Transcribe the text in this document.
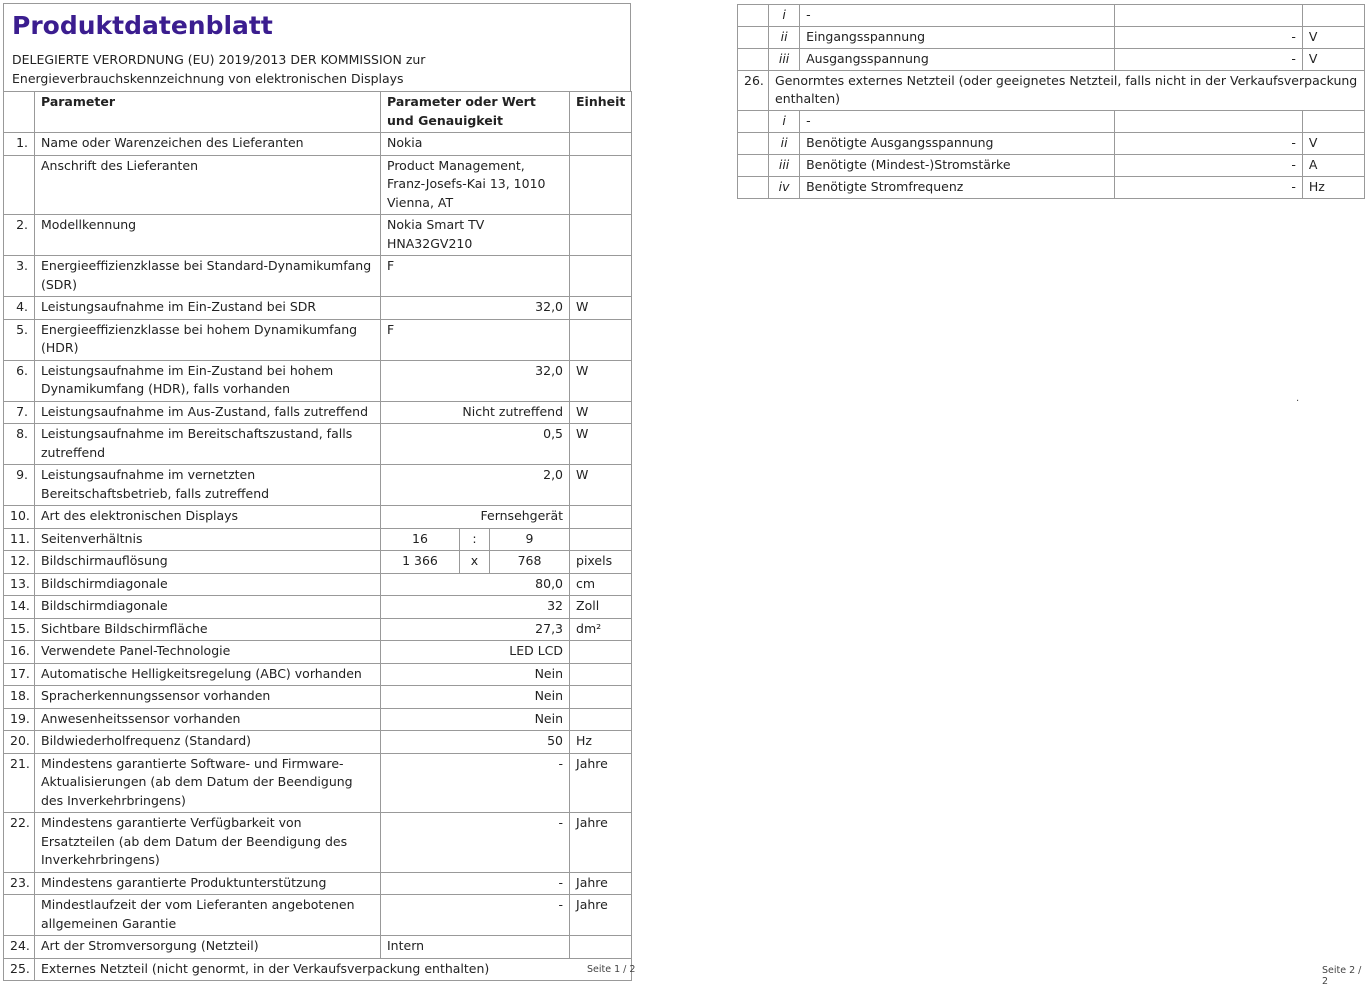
Produktdatenblatt
DELEGIERTE VERORDNUNG (EU) 2019/2013 DER KOMMISSION zur
Energieverbrauchskennzeichnung von elektronischen Displays
	Parameter	Parameter oder Wert und Genauigkeit			Einheit
1.	Name oder Warenzeichen des Lieferanten	Nokia			
	Anschrift des Lieferanten	Product Management, Franz-Josefs-Kai 13, 1010 Vienna, AT			
2.	Modellkennung	Nokia Smart TV HNA32GV210			
3.	Energieeffizienzklasse bei Standard-Dynamikumfang (SDR)	F			
4.	Leistungsaufnahme im Ein-Zustand bei SDR	32,0			W
5.	Energieeffizienzklasse bei hohem Dynamikumfang (HDR)	F			
6.	Leistungsaufnahme im Ein-Zustand bei hohem Dynamikumfang (HDR), falls vorhanden	32,0			W
7.	Leistungsaufnahme im Aus-Zustand, falls zutreffend	Nicht zutreffend			W
8.	Leistungsaufnahme im Bereitschaftszustand, falls zutreffend	0,5			W
9.	Leistungsaufnahme im vernetzten Bereitschaftsbetrieb, falls zutreffend	2,0			W
10.	Art des elektronischen Displays	Fernsehgerät			
11.	Seitenverhältnis	16	:	9	
12.	Bildschirmauflösung	1 366	x	768	pixels
13.	Bildschirmdiagonale	80,0			cm
14.	Bildschirmdiagonale	32			Zoll
15.	Sichtbare Bildschirmfläche	27,3			dm²
16.	Verwendete Panel-Technologie	LED LCD			
17.	Automatische Helligkeitsregelung (ABC) vorhanden	Nein			
18.	Spracherkennungssensor vorhanden	Nein			
19.	Anwesenheitssensor vorhanden	Nein			
20.	Bildwiederholfrequenz (Standard)	50			Hz
21.	Mindestens garantierte Software- und Firmware-Aktualisierungen (ab dem Datum der Beendigung des Inverkehrbringens)	-			Jahre
22.	Mindestens garantierte Verfügbarkeit von Ersatzteilen (ab dem Datum der Beendigung des Inverkehrbringens)	-			Jahre
23.	Mindestens garantierte Produktunterstützung	-			Jahre
	Mindestlaufzeit der vom Lieferanten angebotenen allgemeinen Garantie	-			Jahre
24.	Art der Stromversorgung (Netzteil)	Intern			
25.	Externes Netzteil (nicht genormt, in der Verkaufsverpackung enthalten)					Seite 1 / 2
	i	-		
	ii	Eingangsspannung	-	V
	iii	Ausgangsspannung	-	V
26.	Genormtes externes Netzteil (oder geeignetes Netzteil, falls nicht in der Verkaufsverpackung enthalten)			
	i	-		
	ii	Benötigte Ausgangsspannung	-	V
	iii	Benötigte (Mindest-)Stromstärke	-	A
	iv	Benötigte Stromfrequenz	-	Hz
.
Seite 2 / 2
